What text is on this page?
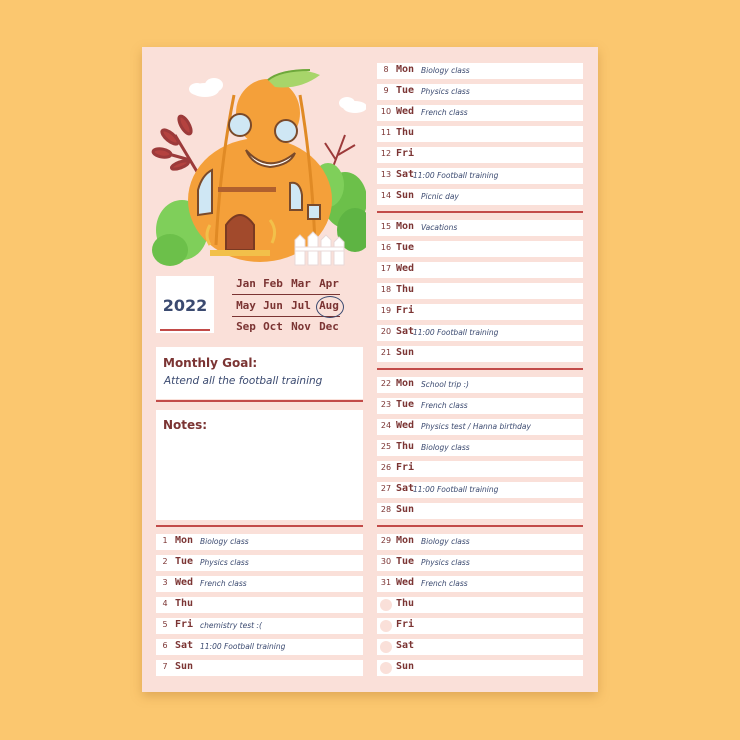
2022
Jan Feb Mar Apr
May Jun Jul Aug
Sep Oct Nov Dec
Monthly Goal:
Attend all the football training
Notes:
1 Mon Biology class
2 Tue Physics class
3 Wed French class
4 Thu
5 Fri chemistry test :(
6 Sat 11:00 Football training
7 Sun
8 Mon Biology class
9 Tue Physics class
10 Wed French class
11 Thu
12 Fri
13 Sat
11:00 Football training
14 Sun Picnic day
15 Mon Vacations
16 Tue
17 Wed
18 Thu
19 Fri
20 Sat
11:00 Football training
21 Sun
22 Mon School trip :)
23 Tue French class
24 Wed Physics test / Hanna birthday
25 Thu Biology class
26 Fri
27 Sat
11:00 Football training
28 Sun
29 Mon Biology class
30 Tue Physics class
31 Wed French class
Thu
Fri
Sat
Sun
